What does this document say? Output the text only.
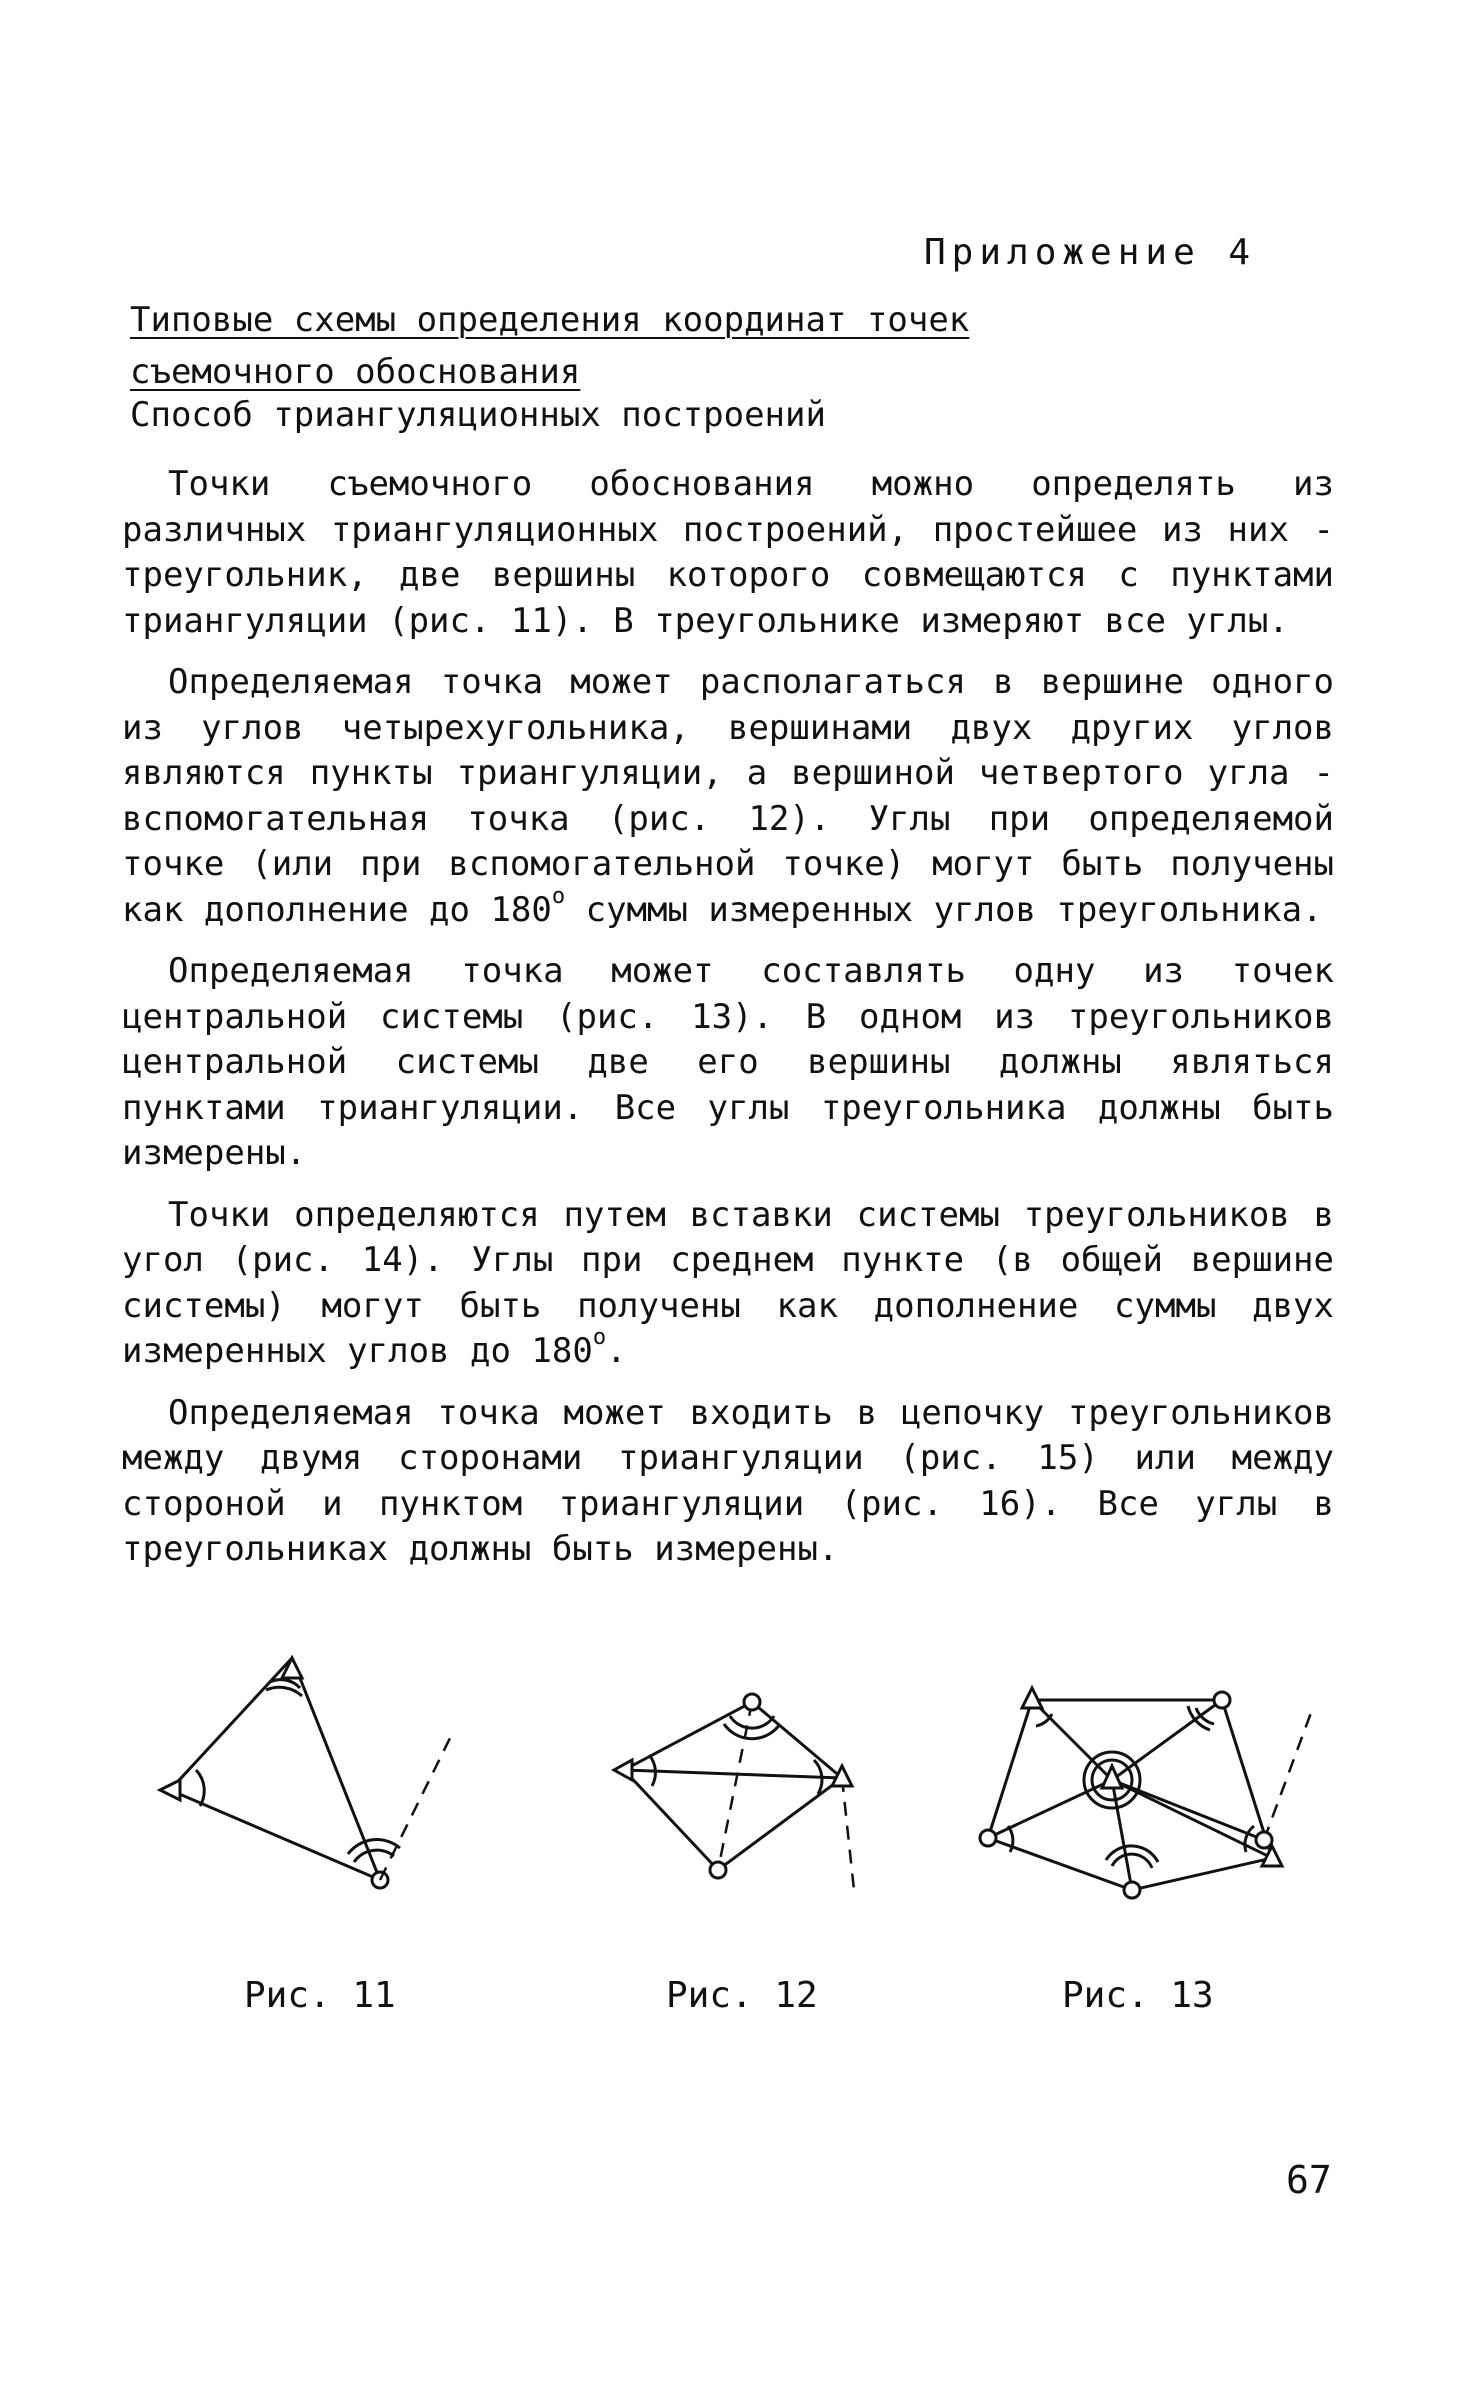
Приложение 4
Типовые схемы определения координат точек
съемочного обоснования
Способ триангуляционных построений

Точки съемочного обоснования можно определять из различных триангуляционных построений, простейшее из них - треугольник, две вершины которого совмещаются с пунктами триангуляции (рис. 11). В треугольнике измеряют все углы.

Определяемая точка может располагаться в вершине одного из углов четырехугольника, вершинами двух других углов являются пункты триангуляции, а вершиной четвертого угла - вспомогательная точка (рис. 12). Углы при определяемой точке (или при вспомогательной точке) могут быть получены как дополнение до $180^о$ суммы измеренных углов треугольника.

Определяемая точка может составлять одну из точек центральной системы (рис. 13). В одном из треугольников центральной системы две его вершины должны являться пунктами триангуляции. Все углы треугольника должны быть измерены.

Точки определяются путем вставки системы треугольников в угол (рис. 14). Углы при среднем пункте (в общей вершине системы) могут быть получены как дополнение суммы двух измеренных углов до $180^о$.

Определяемая точка может входить в цепочку треугольников между двумя сторонами триангуляции (рис. 15) или между стороной и пунктом триангуляции (рис. 16). Все углы в треугольниках должны быть измерены.

Рис. 11	Рис. 12	Рис. 13
67
